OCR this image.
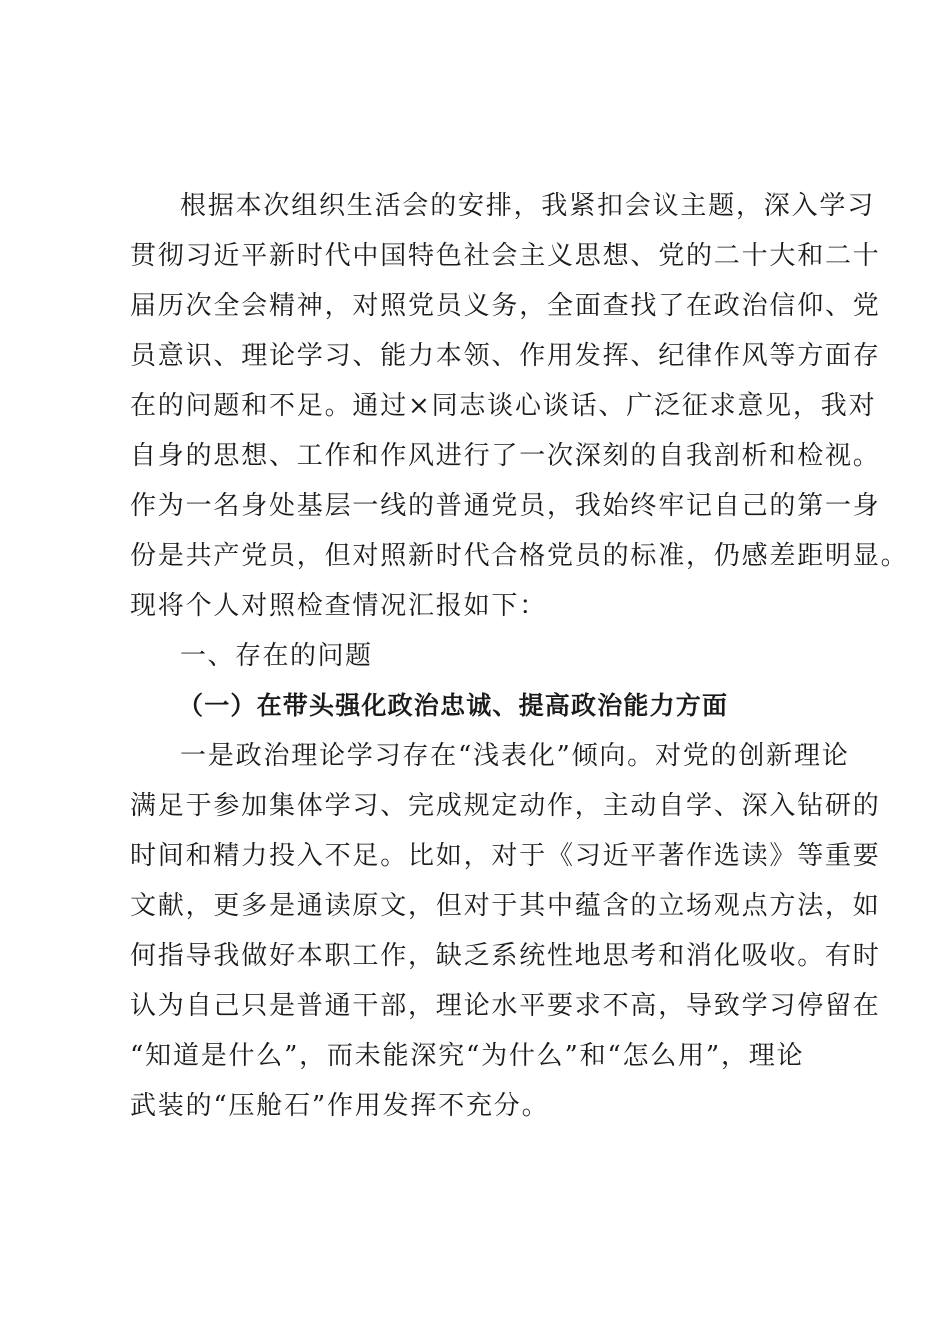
根据本次组织生活会的安排，我紧扣会议主题，深入学习
贯彻习近平新时代中国特色社会主义思想、党的二十大和二十
届历次全会精神，对照党员义务，全面查找了在政治信仰、党
员意识、理论学习、能力本领、作用发挥、纪律作风等方面存
在的问题和不足。通过×同志谈心谈话、广泛征求意见，我对
自身的思想、工作和作风进行了一次深刻的自我剖析和检视。
作为一名身处基层一线的普通党员，我始终牢记自己的第一身
份是共产党员，但对照新时代合格党员的标准，仍感差距明显。
现将个人对照检查情况汇报如下：
一、存在的问题
（一）在带头强化政治忠诚、提高政治能力方面
一是政治理论学习存在“浅表化”倾向。对党的创新理论
满足于参加集体学习、完成规定动作，主动自学、深入钻研的
时间和精力投入不足。比如，对于《习近平著作选读》等重要
文献，更多是通读原文，但对于其中蕴含的立场观点方法，如
何指导我做好本职工作，缺乏系统性地思考和消化吸收。有时
认为自己只是普通干部，理论水平要求不高，导致学习停留在
“知道是什么”，而未能深究“为什么”和“怎么用”，理论
武装的“压舱石”作用发挥不充分。
